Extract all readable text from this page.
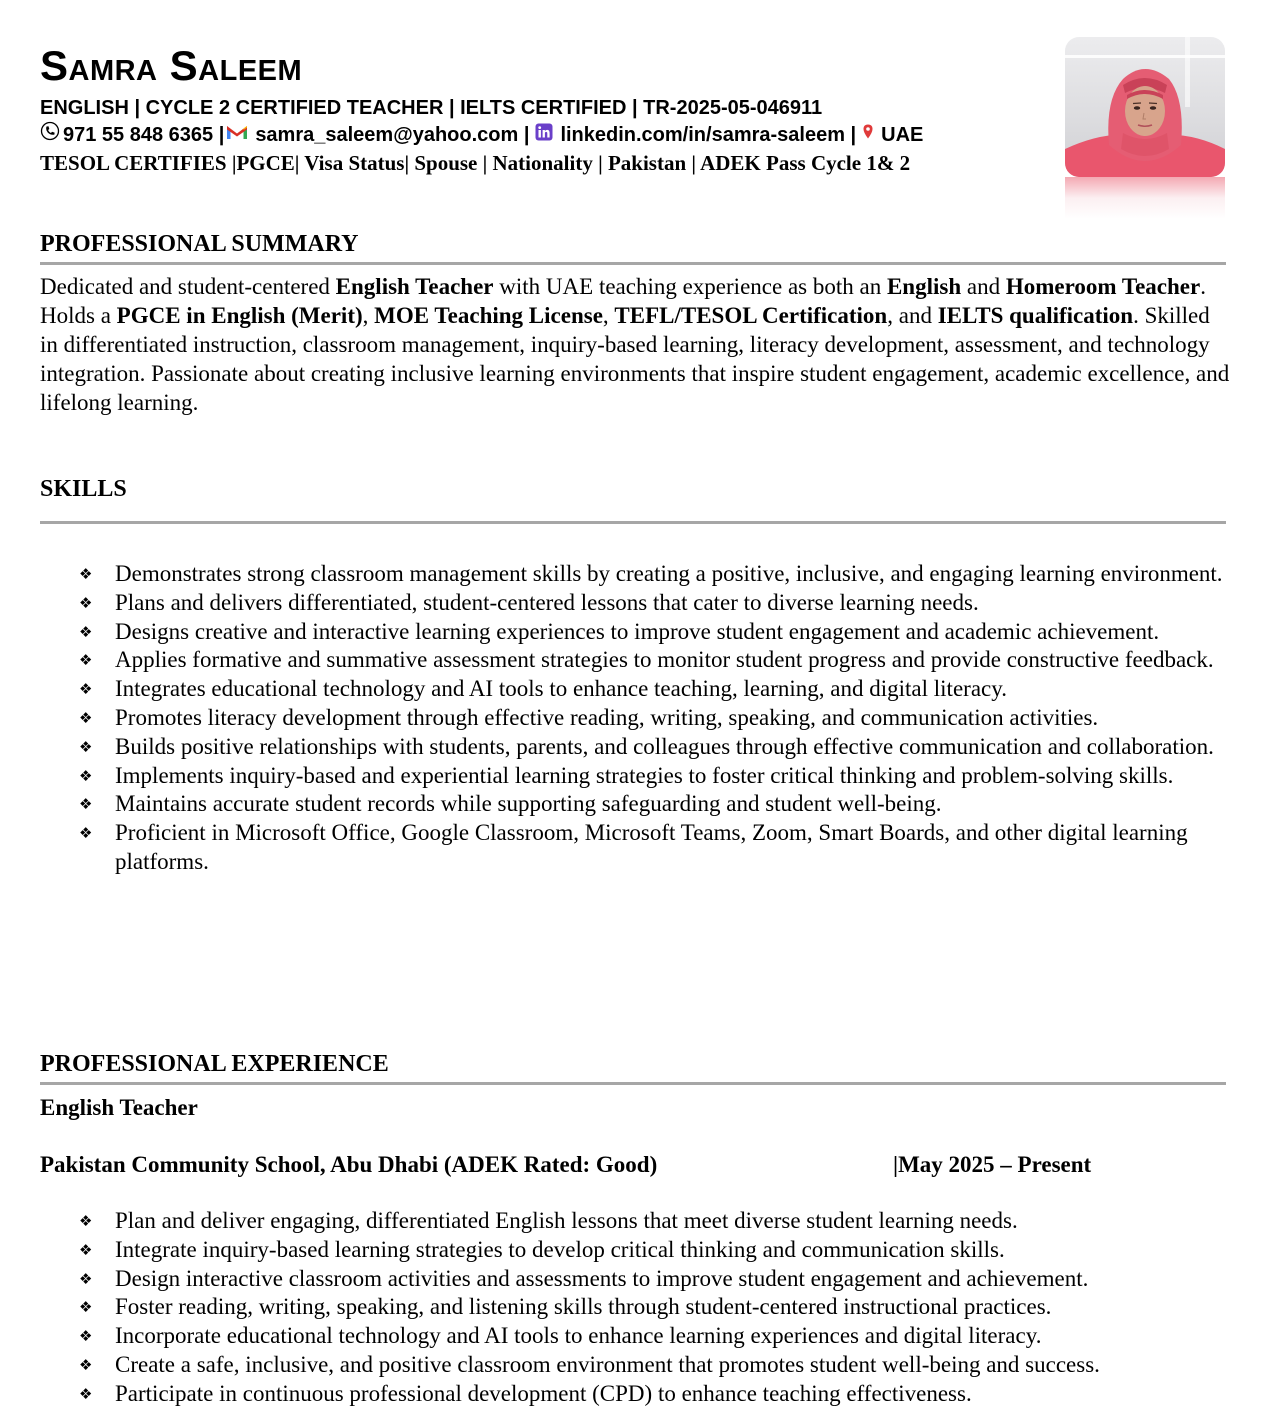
Samra Saleem
ENGLISH | CYCLE 2 CERTIFIED TEACHER | IELTS CERTIFIED | TR-2025-05-046911
971 55 848 6365 | samra_saleem@yahoo.com | linkedin.com/in/samra-saleem | UAE
TESOL CERTIFIES |PGCE| Visa Status| Spouse | Nationality | Pakistan | ADEK Pass Cycle 1& 2
PROFESSIONAL SUMMARY

Dedicated and student-centered English Teacher with UAE teaching experience as both an English and Homeroom Teacher. Holds a PGCE in English (Merit), MOE Teaching License, TEFL/TESOL Certification, and IELTS qualification. Skilled in differentiated instruction, classroom management, inquiry-based learning, literacy development, assessment, and technology integration. Passionate about creating inclusive learning environments that inspire student engagement, academic excellence, and lifelong learning.

SKILLS
❖ Demonstrates strong classroom management skills by creating a positive, inclusive, and engaging learning environment.
❖ Plans and delivers differentiated, student-centered lessons that cater to diverse learning needs.
❖ Designs creative and interactive learning experiences to improve student engagement and academic achievement.
❖ Applies formative and summative assessment strategies to monitor student progress and provide constructive feedback.
❖ Integrates educational technology and AI tools to enhance teaching, learning, and digital literacy.
❖ Promotes literacy development through effective reading, writing, speaking, and communication activities.
❖ Builds positive relationships with students, parents, and colleagues through effective communication and collaboration.
❖ Implements inquiry-based and experiential learning strategies to foster critical thinking and problem-solving skills.
❖ Maintains accurate student records while supporting safeguarding and student well-being.
❖ Proficient in Microsoft Office, Google Classroom, Microsoft Teams, Zoom, Smart Boards, and other digital learning platforms.
PROFESSIONAL EXPERIENCE
English Teacher
Pakistan Community School, Abu Dhabi (ADEK Rated: Good)	|May 2025 – Present
❖ Plan and deliver engaging, differentiated English lessons that meet diverse student learning needs.
❖ Integrate inquiry-based learning strategies to develop critical thinking and communication skills.
❖ Design interactive classroom activities and assessments to improve student engagement and achievement.
❖ Foster reading, writing, speaking, and listening skills through student-centered instructional practices.
❖ Incorporate educational technology and AI tools to enhance learning experiences and digital literacy.
❖ Create a safe, inclusive, and positive classroom environment that promotes student well-being and success.
❖ Participate in continuous professional development (CPD) to enhance teaching effectiveness.
